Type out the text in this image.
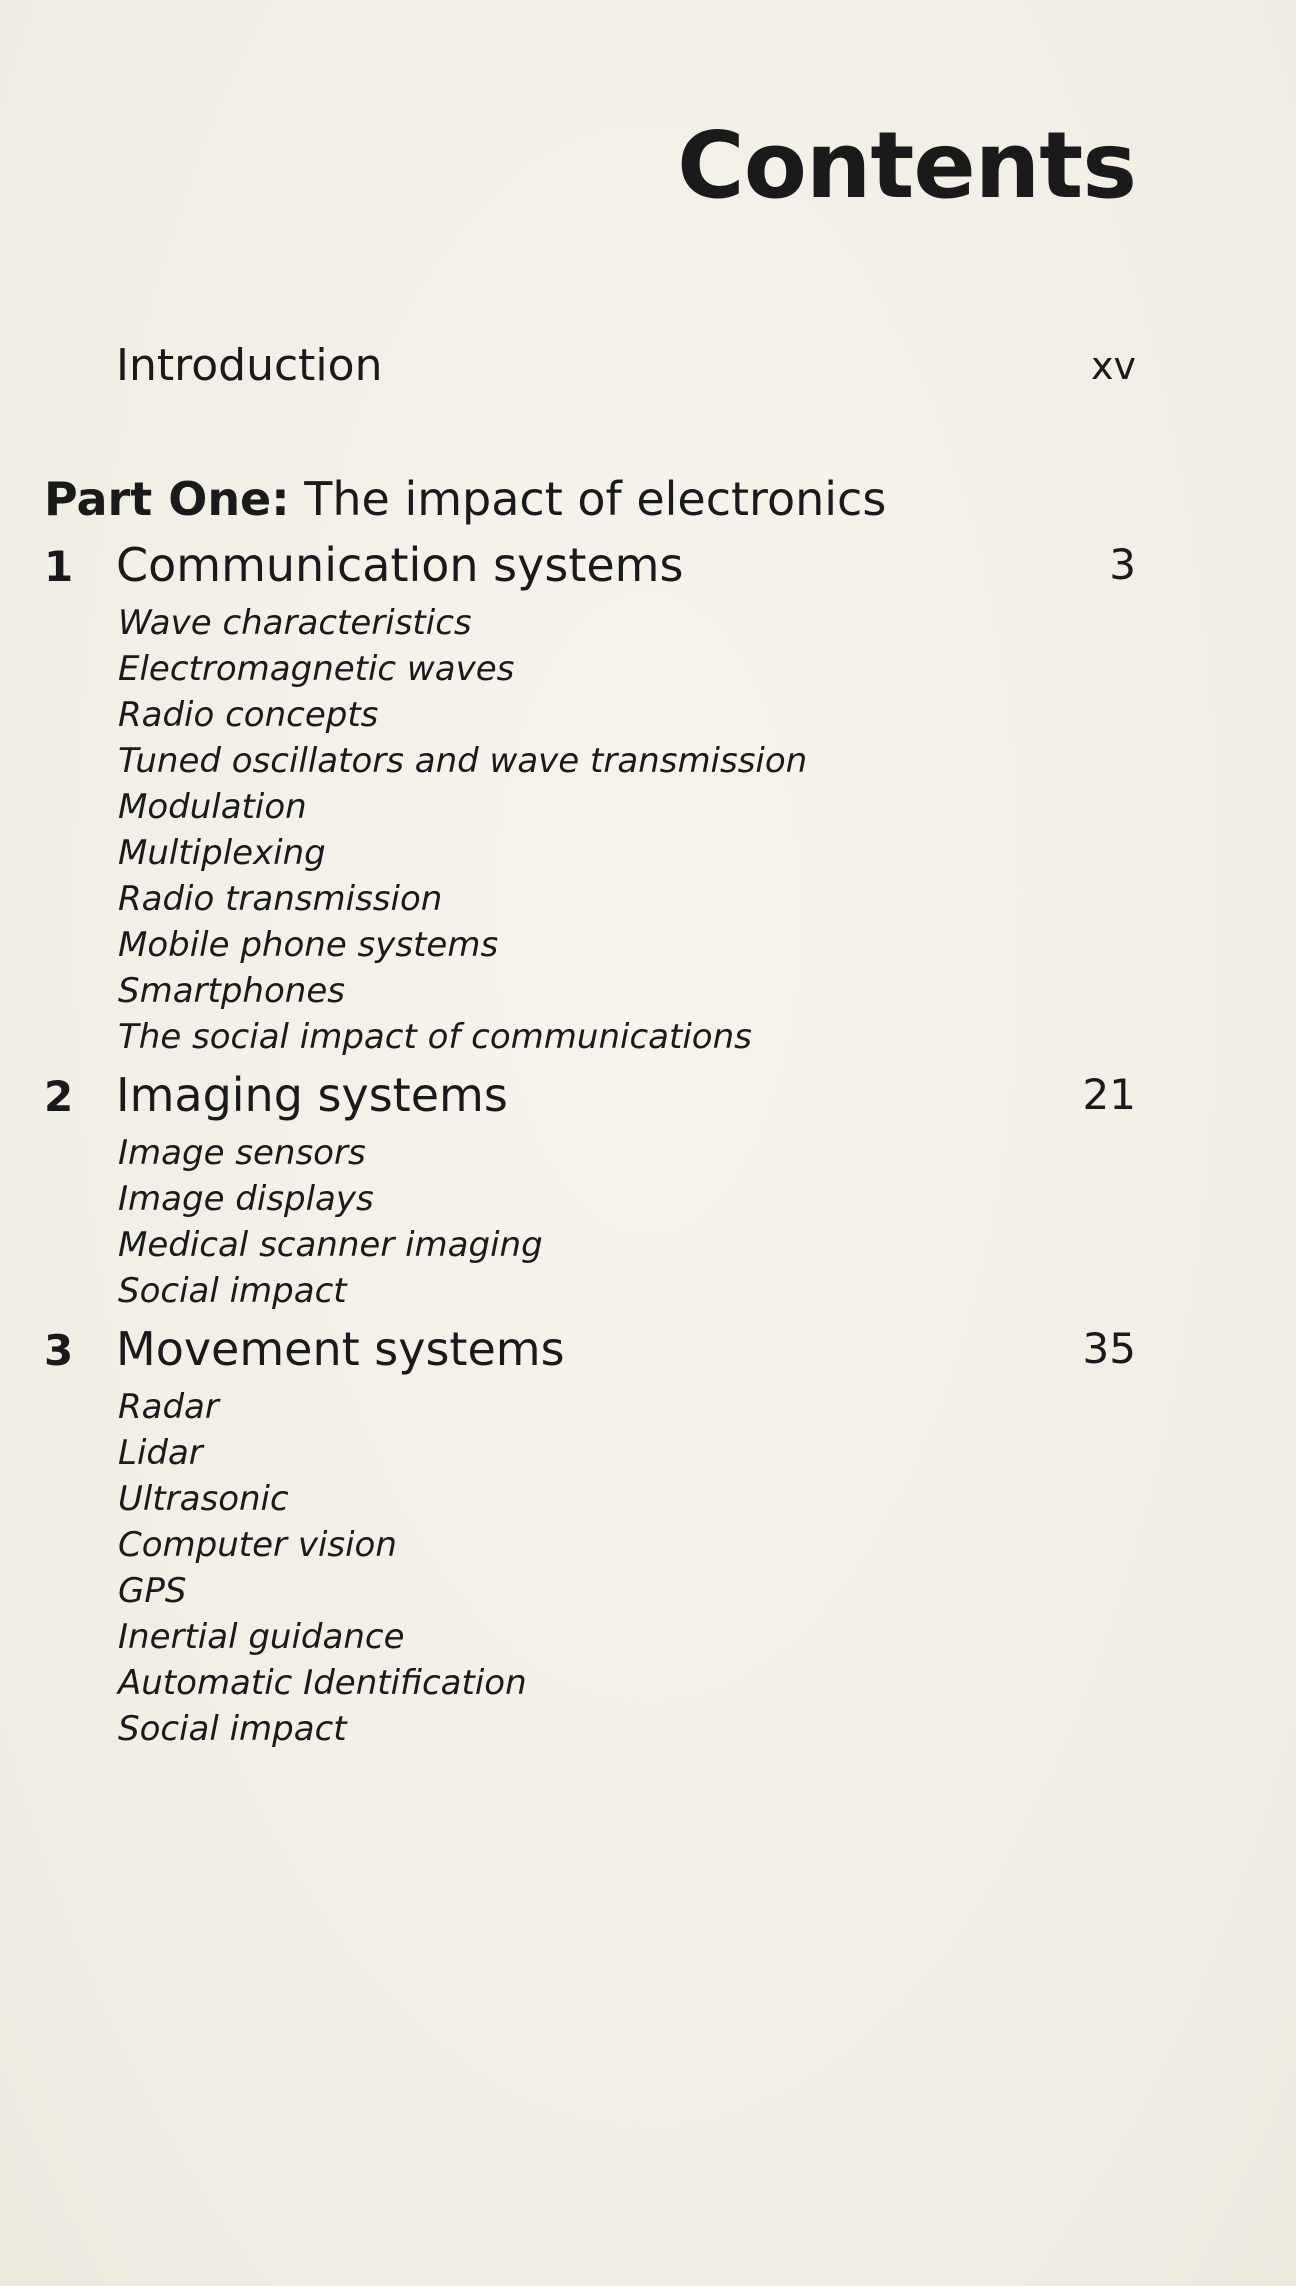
Contents
Introduction	xv
Part One: The impact of electronics
1 Communication systems	3
Wave characteristics
Electromagnetic waves
Radio concepts
Tuned oscillators and wave transmission
Modulation
Multiplexing
Radio transmission
Mobile phone systems
Smartphones
The social impact of communications
2 Imaging systems	21
Image sensors
Image displays
Medical scanner imaging
Social impact
3 Movement systems	35
Radar
Lidar
Ultrasonic
Computer vision
GPS
Inertial guidance
Automatic Identification
Social impact
